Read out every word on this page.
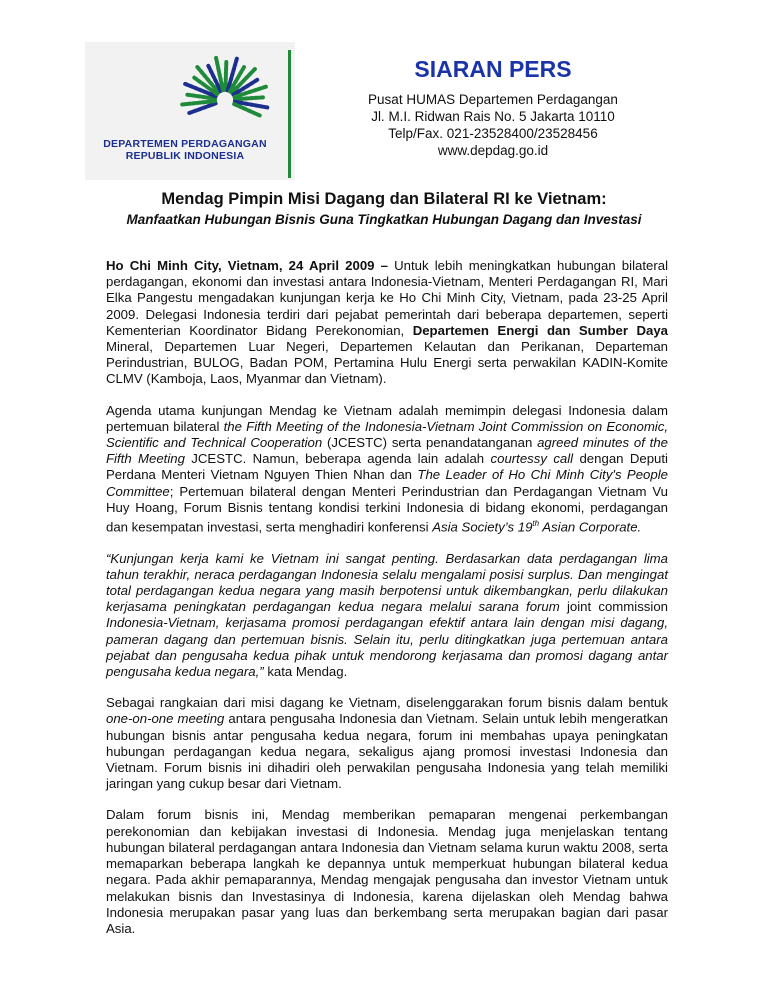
DEPARTEMEN PERDAGANGAN
REPUBLIK INDONESIA
SIARAN PERS
Pusat HUMAS Departemen Perdagangan
Jl. M.I. Ridwan Rais No. 5 Jakarta 10110
Telp/Fax. 021-23528400/23528456
www.depdag.go.id
Mendag Pimpin Misi Dagang dan Bilateral RI ke Vietnam:
Manfaatkan Hubungan Bisnis Guna Tingkatkan Hubungan Dagang dan Investasi

Ho Chi Minh City, Vietnam, 24 April 2009 – Untuk lebih meningkatkan hubungan bilateral perdagangan, ekonomi dan investasi antara Indonesia-Vietnam, Menteri Perdagangan RI, Mari Elka Pangestu mengadakan kunjungan kerja ke Ho Chi Minh City, Vietnam, pada 23-25 April 2009. Delegasi Indonesia terdiri dari pejabat pemerintah dari beberapa departemen, seperti Kementerian Koordinator Bidang Perekonomian, Departemen Energi dan Sumber Daya Mineral, Departemen Luar Negeri, Departemen Kelautan dan Perikanan, Departeman Perindustrian, BULOG, Badan POM, Pertamina Hulu Energi serta perwakilan KADIN-Komite CLMV (Kamboja, Laos, Myanmar dan Vietnam).

Agenda utama kunjungan Mendag ke Vietnam adalah memimpin delegasi Indonesia dalam pertemuan bilateral the Fifth Meeting of the Indonesia-Vietnam Joint Commission on Economic, Scientific and Technical Cooperation (JCESTC) serta penandatanganan agreed minutes of the Fifth Meeting JCESTC. Namun, beberapa agenda lain adalah courtessy call dengan Deputi Perdana Menteri Vietnam Nguyen Thien Nhan dan The Leader of Ho Chi Minh City's People Committee; Pertemuan bilateral dengan Menteri Perindustrian dan Perdagangan Vietnam Vu Huy Hoang, Forum Bisnis tentang kondisi terkini Indonesia di bidang ekonomi, perdagangan dan kesempatan investasi, serta menghadiri konferensi Asia Society’s 19th Asian Corporate.

“Kunjungan kerja kami ke Vietnam ini sangat penting. Berdasarkan data perdagangan lima tahun terakhir, neraca perdagangan Indonesia selalu mengalami posisi surplus. Dan mengingat total perdagangan kedua negara yang masih berpotensi untuk dikembangkan, perlu dilakukan kerjasama peningkatan perdagangan kedua negara melalui sarana forum joint commission Indonesia-Vietnam, kerjasama promosi perdagangan efektif antara lain dengan misi dagang, pameran dagang dan pertemuan bisnis. Selain itu, perlu ditingkatkan juga pertemuan antara pejabat dan pengusaha kedua pihak untuk mendorong kerjasama dan promosi dagang antar pengusaha kedua negara,” kata Mendag.

Sebagai rangkaian dari misi dagang ke Vietnam, diselenggarakan forum bisnis dalam bentuk one-on-one meeting antara pengusaha Indonesia dan Vietnam. Selain untuk lebih mengeratkan hubungan bisnis antar pengusaha kedua negara, forum ini membahas upaya peningkatan hubungan perdagangan kedua negara, sekaligus ajang promosi investasi Indonesia dan Vietnam. Forum bisnis ini dihadiri oleh perwakilan pengusaha Indonesia yang telah memiliki jaringan yang cukup besar dari Vietnam.

Dalam forum bisnis ini, Mendag memberikan pemaparan mengenai perkembangan perekonomian dan kebijakan investasi di Indonesia. Mendag juga menjelaskan tentang hubungan bilateral perdagangan antara Indonesia dan Vietnam selama kurun waktu 2008, serta memaparkan beberapa langkah ke depannya untuk memperkuat hubungan bilateral kedua negara. Pada akhir pemaparannya, Mendag mengajak pengusaha dan investor Vietnam untuk melakukan bisnis dan Investasinya di Indonesia, karena dijelaskan oleh Mendag bahwa Indonesia merupakan pasar yang luas dan berkembang serta merupakan bagian dari pasar Asia.
